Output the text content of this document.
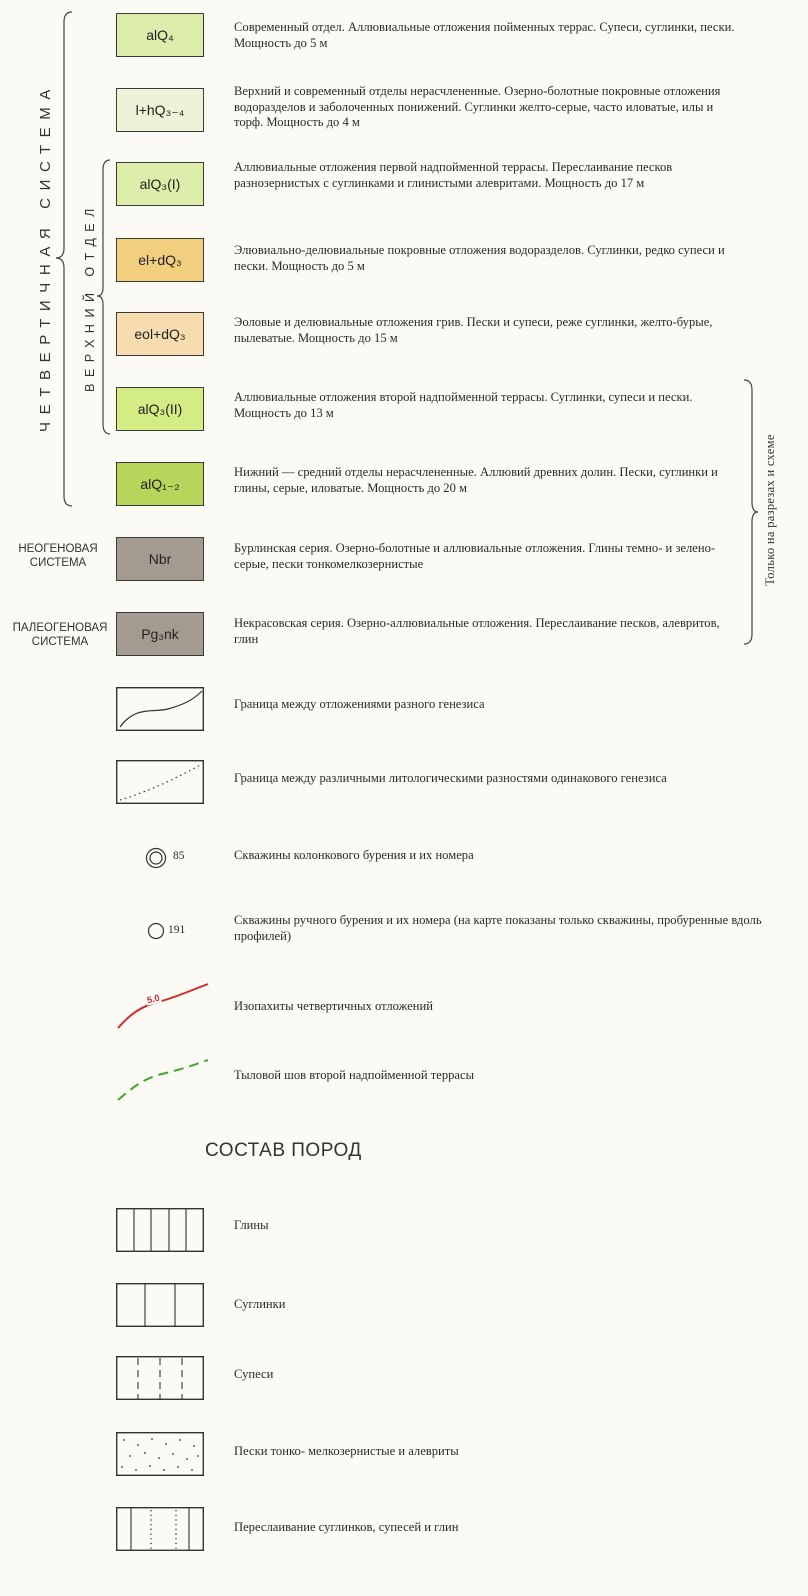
ЧЕТВЕРТИЧНАЯ СИСТЕМА ВЕРХНИЙ ОТДЕЛ
Только на разрезах и схеме
НЕОГЕНОВАЯ СИСТЕМА
ПАЛЕОГЕНОВАЯ СИСТЕМА
alQ₄
l+hQ₃₋₄
alQ₃(I)
el+dQ₃
eol+dQ₃
alQ₃(II)
alQ₁₋₂
Nbr
Pg₃nk
Современный отдел. Аллювиальные отложения пойменных террас. Супеси, суглинки, пески. Мощность до 5 м
Верхний и современный отделы нерасчлененные. Озерно-болотные покровные отложения водоразделов и заболоченных понижений. Суглинки желто-серые, часто иловатые, илы и торф. Мощность до 4 м
Аллювиальные отложения первой надпойменной террасы. Переслаивание песков разнозернистых с суглинками и глинистыми алевритами. Мощность до 17 м
Элювиально-делювиальные покровные отложения водоразделов. Суглинки, редко супеси и пески. Мощность до 5 м
Эоловые и делювиальные отложения грив. Пески и супеси, реже суглинки, желто-бурые, пылеватые. Мощность до 15 м
Аллювиальные отложения второй надпойменной террасы. Суглинки, супеси и пески. Мощность до 13 м
Нижний — средний отделы нерасчлененные. Аллювий древних долин. Пески, суглинки и глины, серые, иловатые. Мощность до 20 м
Бурлинская серия. Озерно-болотные и аллювиальные отложения. Глины темно- и зелено-серые, пески тонкомелкозернистые
Некрасовская серия. Озерно-аллювиальные отложения. Переслаивание песков, алевритов, глин
Граница между отложениями разного генезиса
Граница между различными литологическими разностями одинакового генезиса
85	Скважины колонкового бурения и их номера
191
Скважины ручного бурения и их номера (на карте показаны только скважины, пробуренные вдоль профилей)
5.0	Изопахиты четвертичных отложений
Тыловой шов второй надпойменной террасы
СОСТАВ ПОРОД
Глины
Суглинки
Супеси
Пески тонко- мелкозернистые и алевриты
Переслаивание суглинков, супесей и глин
